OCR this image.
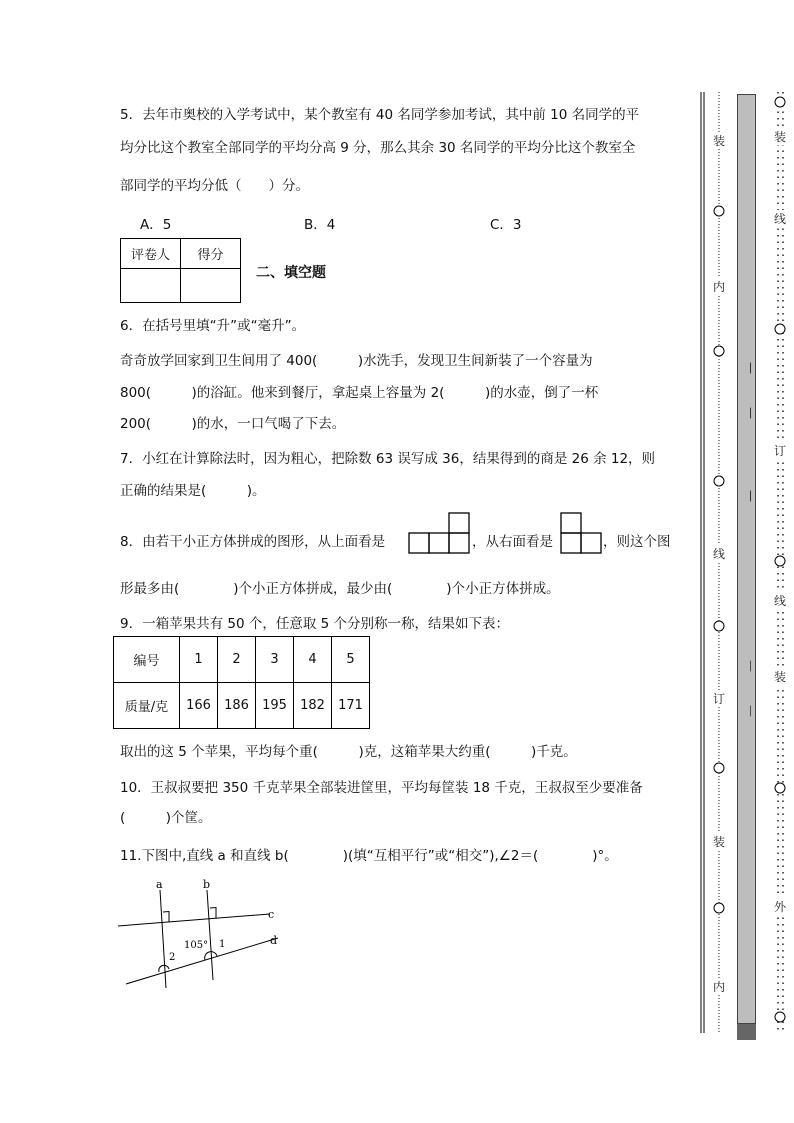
5．去年市奥校的入学考试中，某个教室有 40 名同学参加考试，其中前 10 名同学的平
均分比这个教室全部同学的平均分高 9 分，那么其余 30 名同学的平均分比这个教室全
部同学的平均分低（　　）分。
A．5	B．4	C．3
评卷人	得分

二、填空题
6．在括号里填“升”或“毫升”。
奇奇放学回家到卫生间用了 400(　　　)水洗手，发现卫生间新装了一个容量为
800(　　　)的浴缸。他来到餐厅，拿起桌上容量为 2(　　　)的水壶，倒了一杯
200(　　　)的水，一口气喝了下去。
7．小红在计算除法时，因为粗心，把除数 63 误写成 36，结果得到的商是 26 余 12，则
正确的结果是(　　　)。
8．由若干小正方体拼成的图形，从上面看是	，从右面看是	，则这个图
形最多由(　　　　)个小正方体拼成，最少由(　　　　)个小正方体拼成。
9．一箱苹果共有 50 个，任意取 5 个分别称一称，结果如下表：
编号	1	2	3	4	5
质量/克	166	186	195	182	171
取出的这 5 个苹果，平均每个重(　　　)克，这箱苹果大约重(　　　)千克。
10．王叔叔要把 350 千克苹果全部装进筐里，平均每筐装 18 千克，王叔叔至少要准备
(　　　)个筐。
11.下图中,直线 a 和直线 b(　　　　)(填“互相平行”或“相交”),∠2＝(　　　　)°。
a	b
c
d
105° 1
2
装
内
线
订
装
内
—
—
—
—
—
装
线
订
线
装
外
